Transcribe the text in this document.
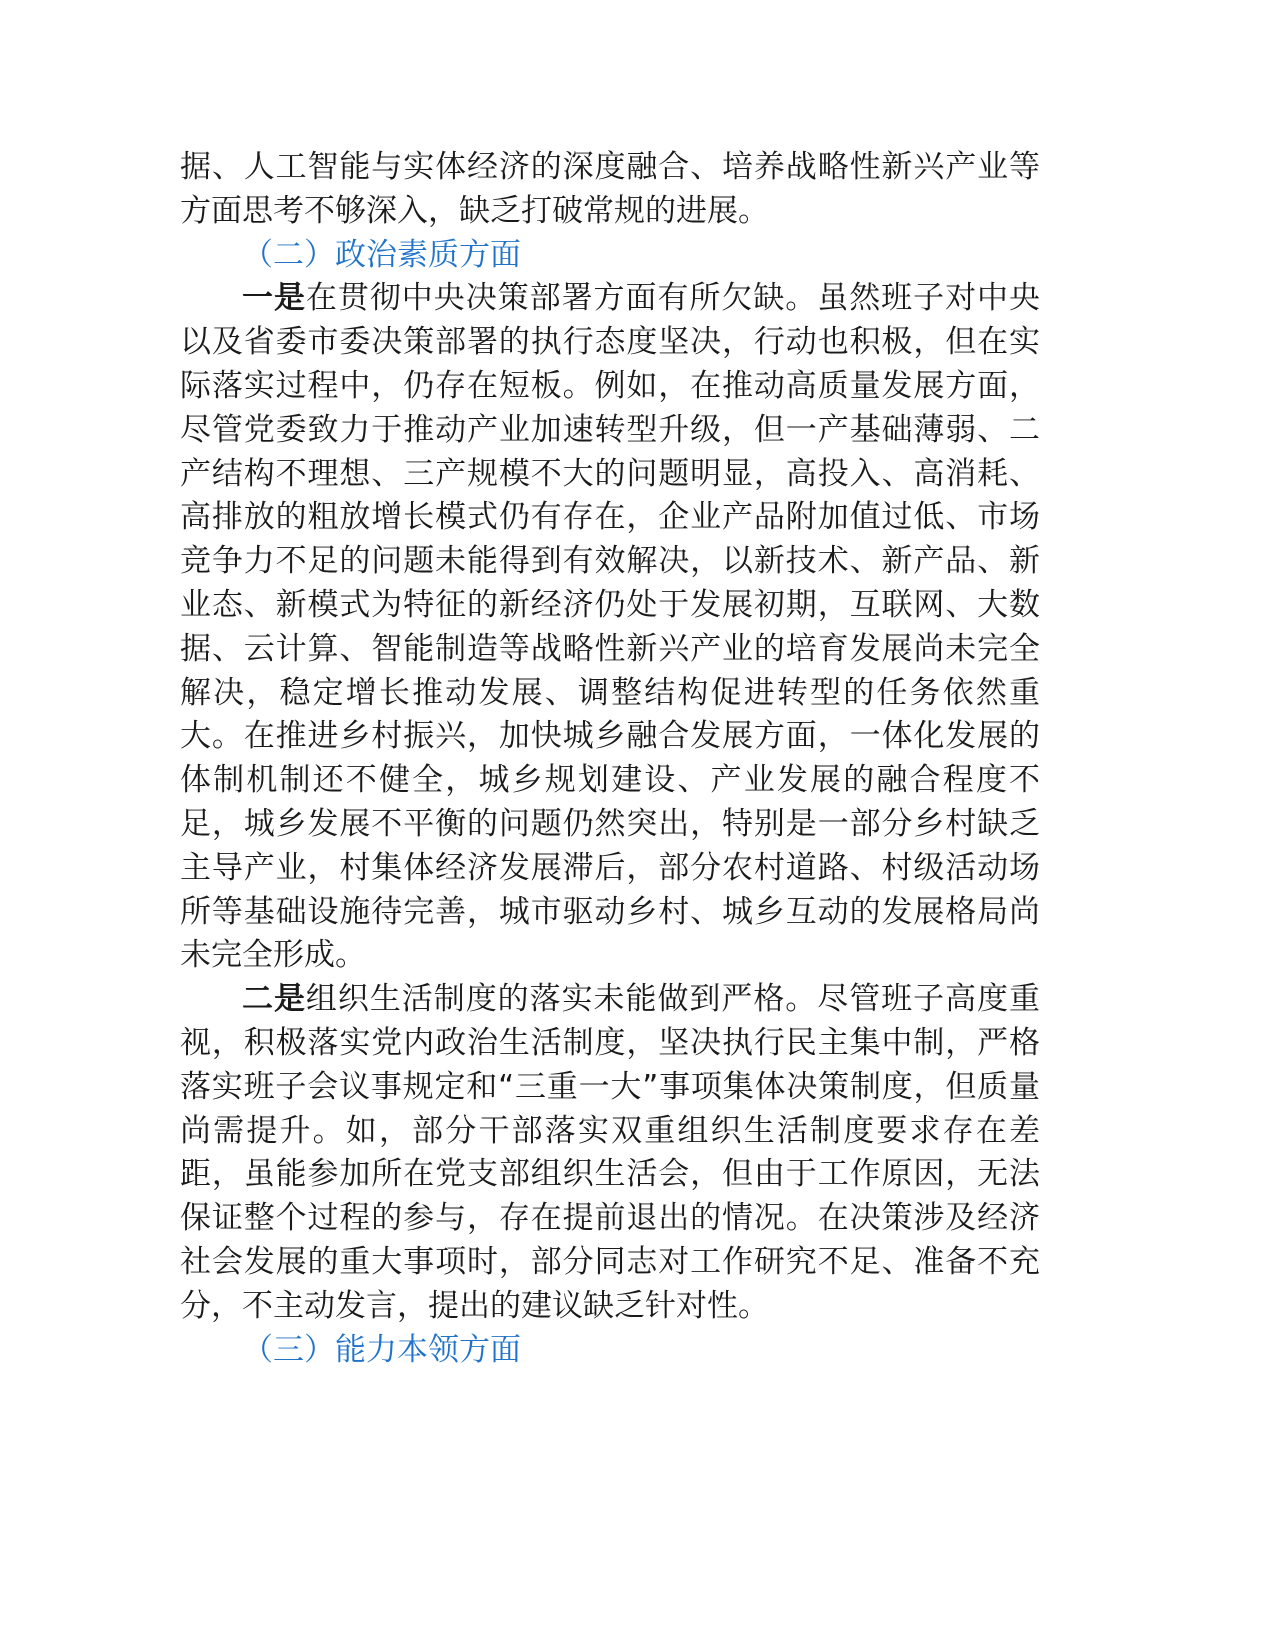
据、人工智能与实体经济的深度融合、培养战略性新兴产业等方面思考不够深入，缺乏打破常规的进展。

（二）政治素质方面

一是在贯彻中央决策部署方面有所欠缺。虽然班子对中央以及省委市委决策部署的执行态度坚决，行动也积极，但在实际落实过程中，仍存在短板。例如，在推动高质量发展方面，尽管党委致力于推动产业加速转型升级，但一产基础薄弱、二产结构不理想、三产规模不大的问题明显，高投入、高消耗、高排放的粗放增长模式仍有存在，企业产品附加值过低、市场竞争力不足的问题未能得到有效解决，以新技术、新产品、新业态、新模式为特征的新经济仍处于发展初期，互联网、大数据、云计算、智能制造等战略性新兴产业的培育发展尚未完全解决，稳定增长推动发展、调整结构促进转型的任务依然重大。在推进乡村振兴，加快城乡融合发展方面，一体化发展的体制机制还不健全，城乡规划建设、产业发展的融合程度不足，城乡发展不平衡的问题仍然突出，特别是一部分乡村缺乏主导产业，村集体经济发展滞后，部分农村道路、村级活动场所等基础设施待完善，城市驱动乡村、城乡互动的发展格局尚未完全形成。

二是组织生活制度的落实未能做到严格。尽管班子高度重视，积极落实党内政治生活制度，坚决执行民主集中制，严格落实班子会议事规定和“三重一大”事项集体决策制度，但质量尚需提升。如，部分干部落实双重组织生活制度要求存在差距，虽能参加所在党支部组织生活会，但由于工作原因，无法保证整个过程的参与，存在提前退出的情况。在决策涉及经济社会发展的重大事项时，部分同志对工作研究不足、准备不充分，不主动发言，提出的建议缺乏针对性。

（三）能力本领方面
